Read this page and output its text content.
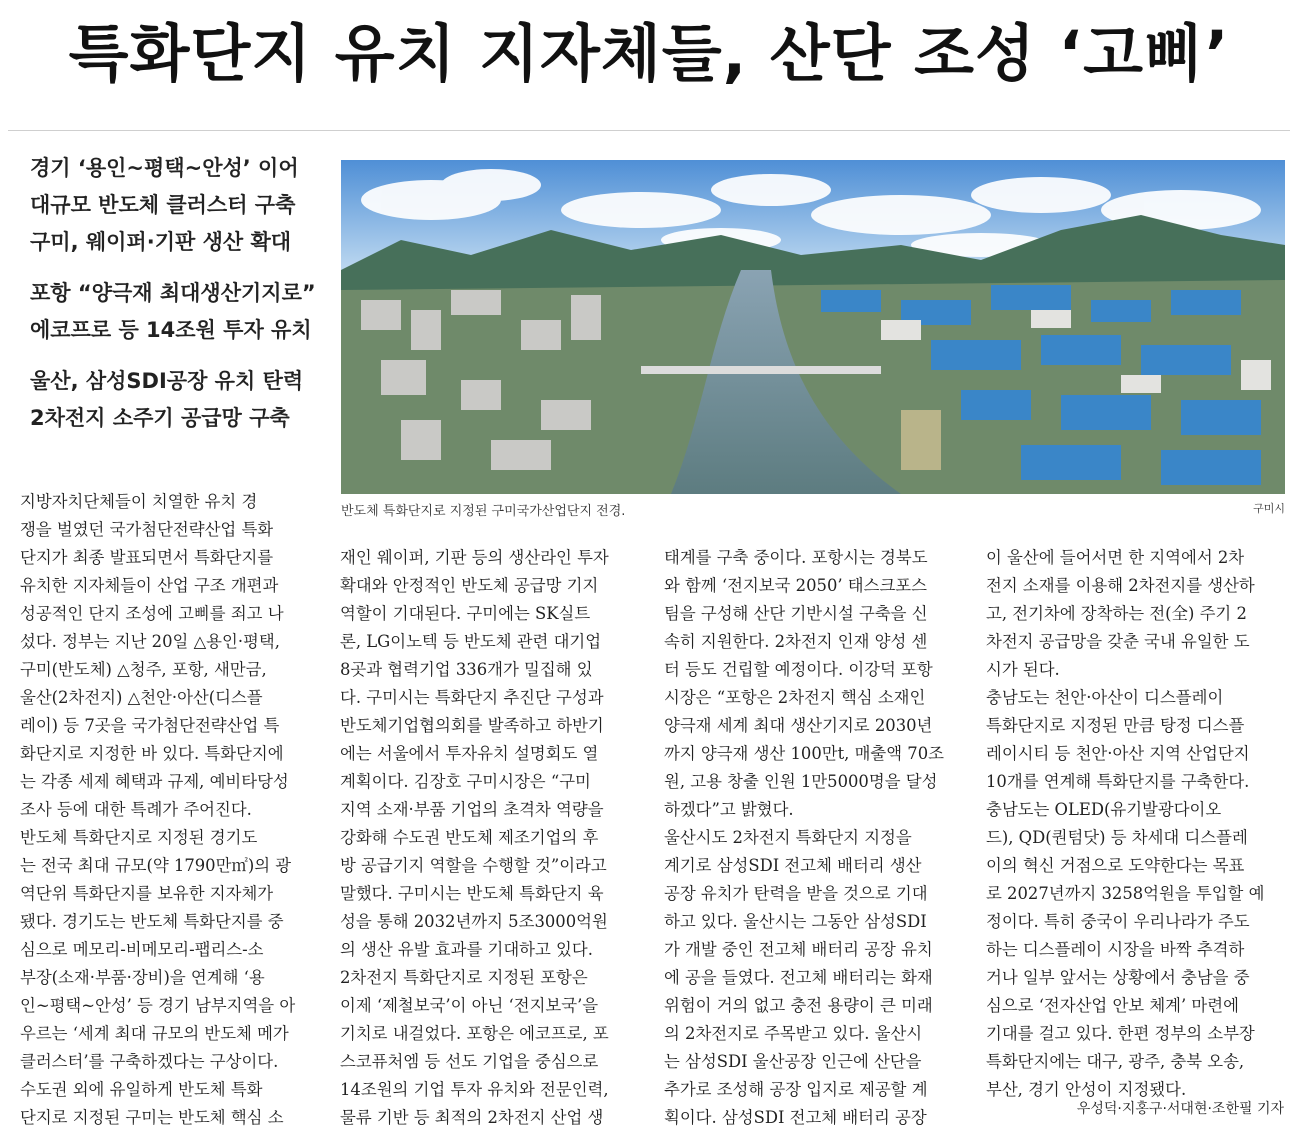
특화단지 유치 지자체들, 산단 조성 ‘고삐’
경기 ‘용인~평택~안성’ 이어
대규모 반도체 클러스터 구축
구미, 웨이퍼·기판 생산 확대
포항 “양극재 최대생산기지로”
에코프로 등 14조원 투자 유치
울산, 삼성SDI공장 유치 탄력
2차전지 소주기 공급망 구축
반도체 특화단지로 지정된 구미국가산업단지 전경.	구미시
지방자치단체들이 치열한 유치 경
쟁을 벌였던 국가첨단전략산업 특화
단지가 최종 발표되면서 특화단지를
유치한 지자체들이 산업 구조 개편과
성공적인 단지 조성에 고삐를 죄고 나
섰다. 정부는 지난 20일 △용인·평택,
구미(반도체) △청주, 포항, 새만금,
울산(2차전지) △천안·아산(디스플
레이) 등 7곳을 국가첨단전략산업 특
화단지로 지정한 바 있다. 특화단지에
는 각종 세제 혜택과 규제, 예비타당성
조사 등에 대한 특례가 주어진다.
반도체 특화단지로 지정된 경기도
는 전국 최대 규모(약 1790만㎡)의 광
역단위 특화단지를 보유한 지자체가
됐다. 경기도는 반도체 특화단지를 중
심으로 메모리-비메모리-팹리스-소
부장(소재·부품·장비)을 연계해 ‘용
인~평택~안성’ 등 경기 남부지역을 아
우르는 ‘세계 최대 규모의 반도체 메가
클러스터’를 구축하겠다는 구상이다.
수도권 외에 유일하게 반도체 특화
단지로 지정된 구미는 반도체 핵심 소
재인 웨이퍼, 기판 등의 생산라인 투자
확대와 안정적인 반도체 공급망 기지
역할이 기대된다. 구미에는 SK실트
론, LG이노텍 등 반도체 관련 대기업
8곳과 협력기업 336개가 밀집해 있
다. 구미시는 특화단지 추진단 구성과
반도체기업협의회를 발족하고 하반기
에는 서울에서 투자유치 설명회도 열
계획이다. 김장호 구미시장은 “구미
지역 소재·부품 기업의 초격차 역량을
강화해 수도권 반도체 제조기업의 후
방 공급기지 역할을 수행할 것”이라고
말했다. 구미시는 반도체 특화단지 육
성을 통해 2032년까지 5조3000억원
의 생산 유발 효과를 기대하고 있다.
2차전지 특화단지로 지정된 포항은
이제 ‘제철보국’이 아닌 ‘전지보국’을
기치로 내걸었다. 포항은 에코프로, 포
스코퓨처엠 등 선도 기업을 중심으로
14조원의 기업 투자 유치와 전문인력,
물류 기반 등 최적의 2차전지 산업 생
태계를 구축 중이다. 포항시는 경북도
와 함께 ‘전지보국 2050’ 태스크포스
팀을 구성해 산단 기반시설 구축을 신
속히 지원한다. 2차전지 인재 양성 센
터 등도 건립할 예정이다. 이강덕 포항
시장은 “포항은 2차전지 핵심 소재인
양극재 세계 최대 생산기지로 2030년
까지 양극재 생산 100만t, 매출액 70조
원, 고용 창출 인원 1만5000명을 달성
하겠다”고 밝혔다.
울산시도 2차전지 특화단지 지정을
계기로 삼성SDI 전고체 배터리 생산
공장 유치가 탄력을 받을 것으로 기대
하고 있다. 울산시는 그동안 삼성SDI
가 개발 중인 전고체 배터리 공장 유치
에 공을 들였다. 전고체 배터리는 화재
위험이 거의 없고 충전 용량이 큰 미래
의 2차전지로 주목받고 있다. 울산시
는 삼성SDI 울산공장 인근에 산단을
추가로 조성해 공장 입지로 제공할 계
획이다. 삼성SDI 전고체 배터리 공장
이 울산에 들어서면 한 지역에서 2차
전지 소재를 이용해 2차전지를 생산하
고, 전기차에 장착하는 전(全) 주기 2
차전지 공급망을 갖춘 국내 유일한 도
시가 된다.
충남도는 천안·아산이 디스플레이
특화단지로 지정된 만큼 탕정 디스플
레이시티 등 천안·아산 지역 산업단지
10개를 연계해 특화단지를 구축한다.
충남도는 OLED(유기발광다이오
드), QD(퀀텀닷) 등 차세대 디스플레
이의 혁신 거점으로 도약한다는 목표
로 2027년까지 3258억원을 투입할 예
정이다. 특히 중국이 우리나라가 주도
하는 디스플레이 시장을 바짝 추격하
거나 일부 앞서는 상황에서 충남을 중
심으로 ‘전자산업 안보 체계’ 마련에
기대를 걸고 있다. 한편 정부의 소부장
특화단지에는 대구, 광주, 충북 오송,
부산, 경기 안성이 지정됐다.
우성덕·지홍구·서대현·조한필 기자
